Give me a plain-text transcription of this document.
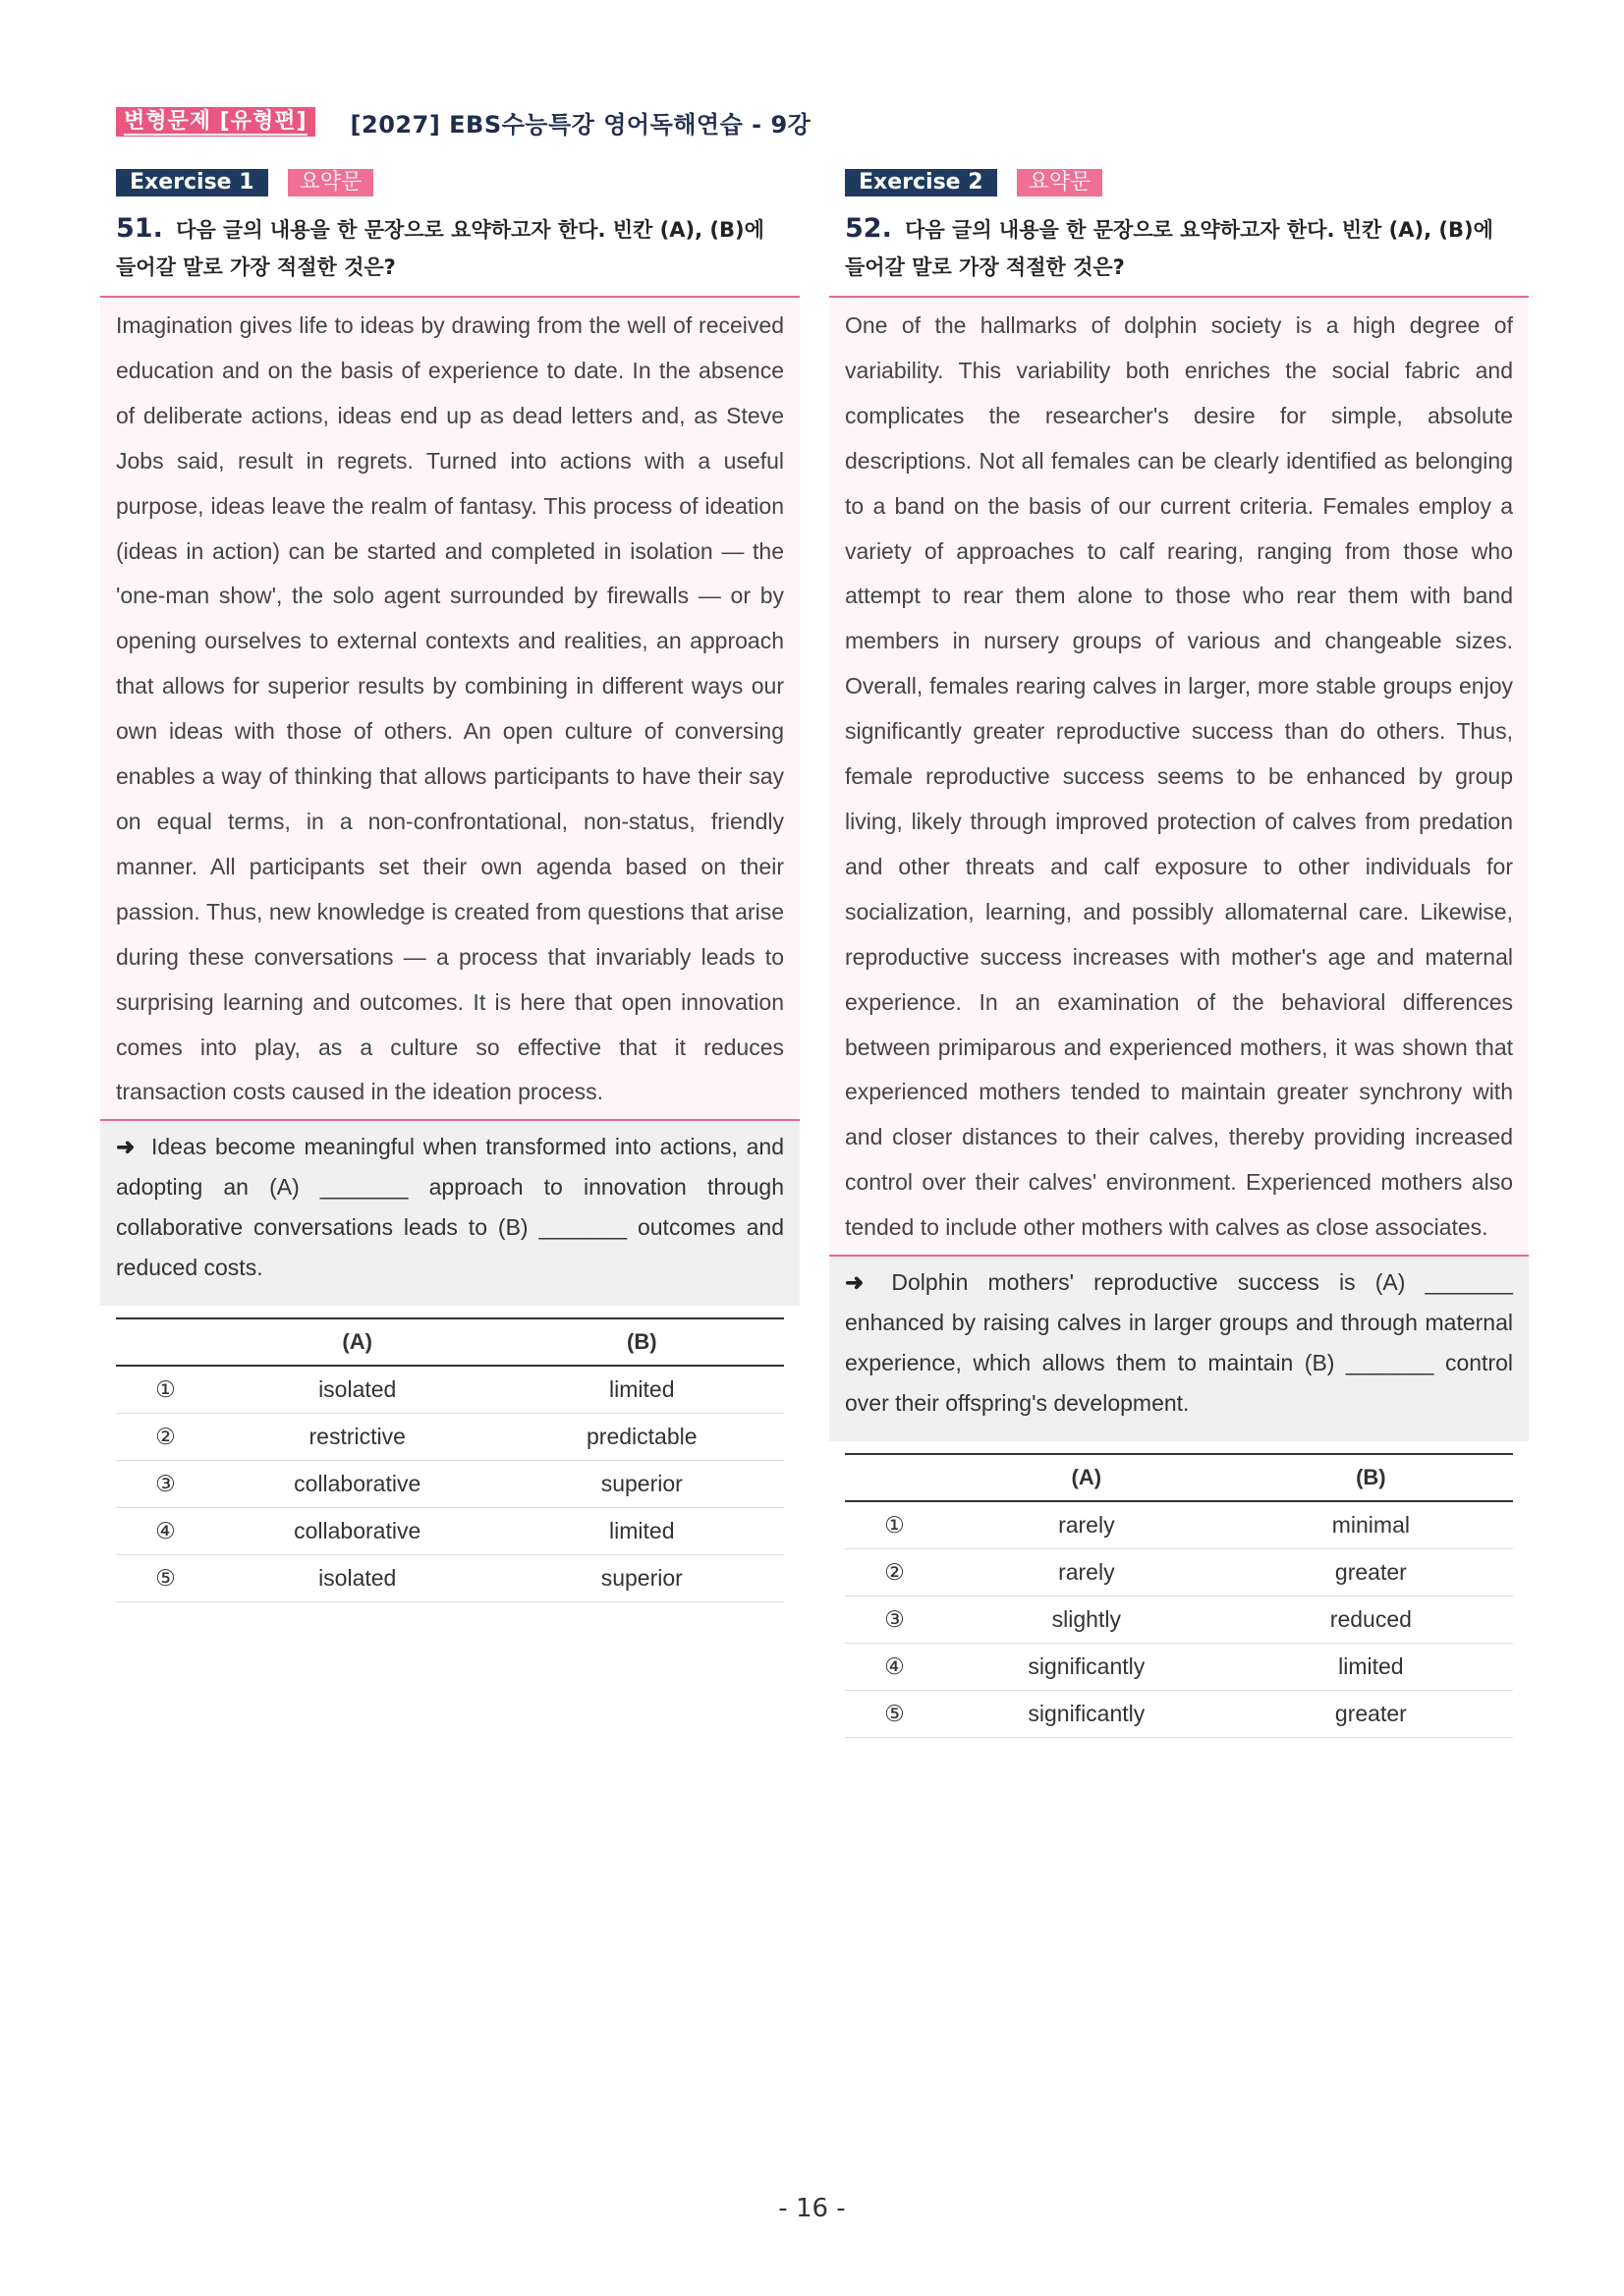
변형문제 [유형편]	[2027] EBS수능특강 영어독해연습 - 9강
Exercise 1	요약문
51. 다음 글의 내용을 한 문장으로 요약하고자 한다. 빈칸 (A), (B)에 들어갈 말로 가장 적절한 것은?
Imagination gives life to ideas by drawing from the well of received education and on the basis of experience to date. In the absence of deliberate actions, ideas end up as dead letters and, as Steve Jobs said, result in regrets. Turned into actions with a useful purpose, ideas leave the realm of fantasy. This process of ideation (ideas in action) can be started and completed in isolation — the 'one-man show', the solo agent surrounded by firewalls — or by opening ourselves to external contexts and realities, an approach that allows for superior results by combining in different ways our own ideas with those of others. An open culture of conversing enables a way of thinking that allows participants to have their say on equal terms, in a non-confrontational, non-status, friendly manner. All participants set their own agenda based on their passion. Thus, new knowledge is created from questions that arise during these conversations — a process that invariably leads to surprising learning and outcomes. It is here that open innovation comes into play, as a culture so effective that it reduces transaction costs caused in the ideation process.
➜ Ideas become meaningful when transformed into actions, and adopting an (A) _______ approach to innovation through collaborative conversations leads to (B) _______ outcomes and reduced costs.
	(A)	(B)
①	isolated	limited
②	restrictive	predictable
③	collaborative	superior
④	collaborative	limited
⑤	isolated	superior
Exercise 2	요약문
52. 다음 글의 내용을 한 문장으로 요약하고자 한다. 빈칸 (A), (B)에 들어갈 말로 가장 적절한 것은?
One of the hallmarks of dolphin society is a high degree of variability. This variability both enriches the social fabric and complicates the researcher's desire for simple, absolute descriptions. Not all females can be clearly identified as belonging to a band on the basis of our current criteria. Females employ a variety of approaches to calf rearing, ranging from those who attempt to rear them alone to those who rear them with band members in nursery groups of various and changeable sizes. Overall, females rearing calves in larger, more stable groups enjoy significantly greater reproductive success than do others. Thus, female reproductive success seems to be enhanced by group living, likely through improved protection of calves from predation and other threats and calf exposure to other individuals for socialization, learning, and possibly allomaternal care. Likewise, reproductive success increases with mother's age and maternal experience. In an examination of the behavioral differences between primiparous and experienced mothers, it was shown that experienced mothers tended to maintain greater synchrony with and closer distances to their calves, thereby providing increased control over their calves' environment. Experienced mothers also tended to include other mothers with calves as close associates.
➜ Dolphin mothers' reproductive success is (A) _______ enhanced by raising calves in larger groups and through maternal experience, which allows them to maintain (B) _______ control over their offspring's development.
	(A)	(B)
①	rarely	minimal
②	rarely	greater
③	slightly	reduced
④	significantly	limited
⑤	significantly	greater
- 16 -
